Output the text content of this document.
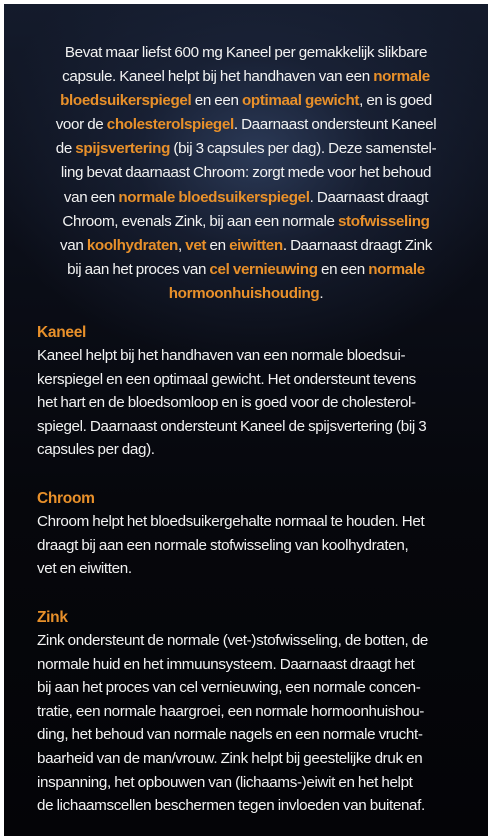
Bevat maar liefst 600 mg Kaneel per gemakkelijk slikbare
capsule. Kaneel helpt bij het handhaven van een normale
bloedsuikerspiegel en een optimaal gewicht, en is goed
voor de cholesterolspiegel. Daarnaast ondersteunt Kaneel
de spijsvertering (bij 3 capsules per dag). Deze samenstel-
ling bevat daarnaast Chroom: zorgt mede voor het behoud
van een normale bloedsuikerspiegel. Daarnaast draagt
Chroom, evenals Zink, bij aan een normale stofwisseling
van koolhydraten, vet en eiwitten. Daarnaast draagt Zink
bij aan het proces van cel vernieuwing en een normale
hormoonhuishouding.

Kaneel

Kaneel helpt bij het handhaven van een normale bloedsui-
kerspiegel en een optimaal gewicht. Het ondersteunt tevens
het hart en de bloedsomloop en is goed voor de cholesterol-
spiegel. Daarnaast ondersteunt Kaneel de spijsvertering (bij 3
capsules per dag).

Chroom

Chroom helpt het bloedsuikergehalte normaal te houden. Het
draagt bij aan een normale stofwisseling van koolhydraten,
vet en eiwitten.

Zink

Zink ondersteunt de normale (vet-)stofwisseling, de botten, de
normale huid en het immuunsysteem. Daarnaast draagt het
bij aan het proces van cel vernieuwing, een normale concen-
tratie, een normale haargroei, een normale hormoonhuishou-
ding, het behoud van normale nagels en een normale vrucht-
baarheid van de man/vrouw. Zink helpt bij geestelijke druk en
inspanning, het opbouwen van (lichaams-)eiwit en het helpt
de lichaamscellen beschermen tegen invloeden van buitenaf.
